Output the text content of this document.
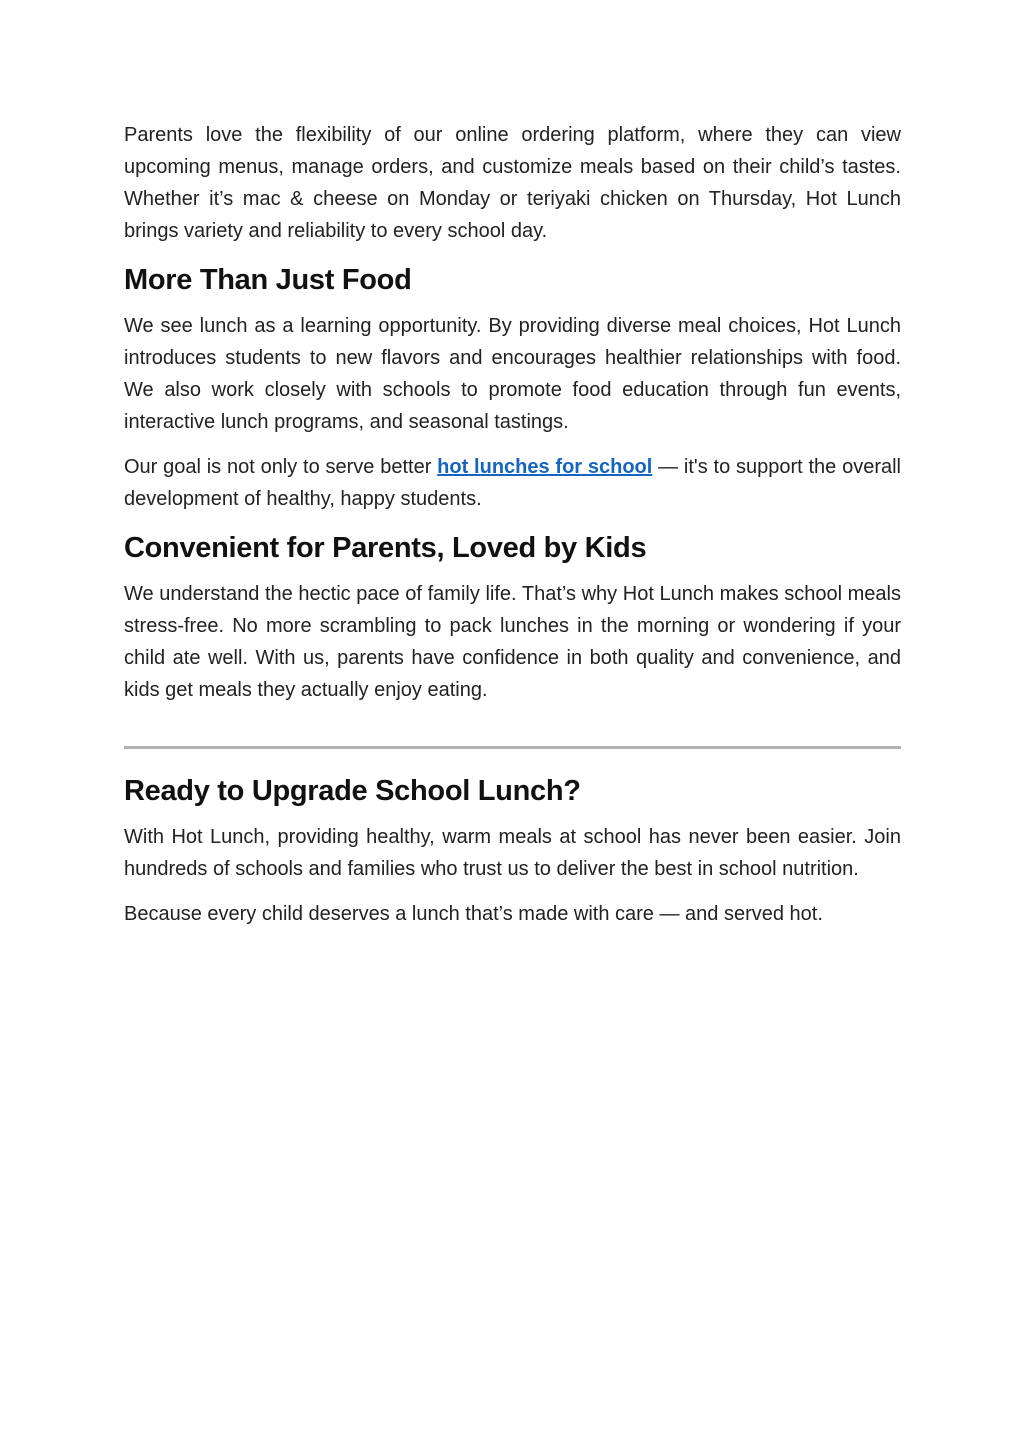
Parents love the flexibility of our online ordering platform, where they can view upcoming menus, manage orders, and customize meals based on their child’s tastes. Whether it’s mac & cheese on Monday or teriyaki chicken on Thursday, Hot Lunch brings variety and reliability to every school day.

More Than Just Food

We see lunch as a learning opportunity. By providing diverse meal choices, Hot Lunch introduces students to new flavors and encourages healthier relationships with food. We also work closely with schools to promote food education through fun events, interactive lunch programs, and seasonal tastings.

Our goal is not only to serve better hot lunches for school — it's to support the overall development of healthy, happy students.

Convenient for Parents, Loved by Kids

We understand the hectic pace of family life. That’s why Hot Lunch makes school meals stress-free. No more scrambling to pack lunches in the morning or wondering if your child ate well. With us, parents have confidence in both quality and convenience, and kids get meals they actually enjoy eating.

Ready to Upgrade School Lunch?

With Hot Lunch, providing healthy, warm meals at school has never been easier. Join hundreds of schools and families who trust us to deliver the best in school nutrition.

Because every child deserves a lunch that’s made with care — and served hot.
